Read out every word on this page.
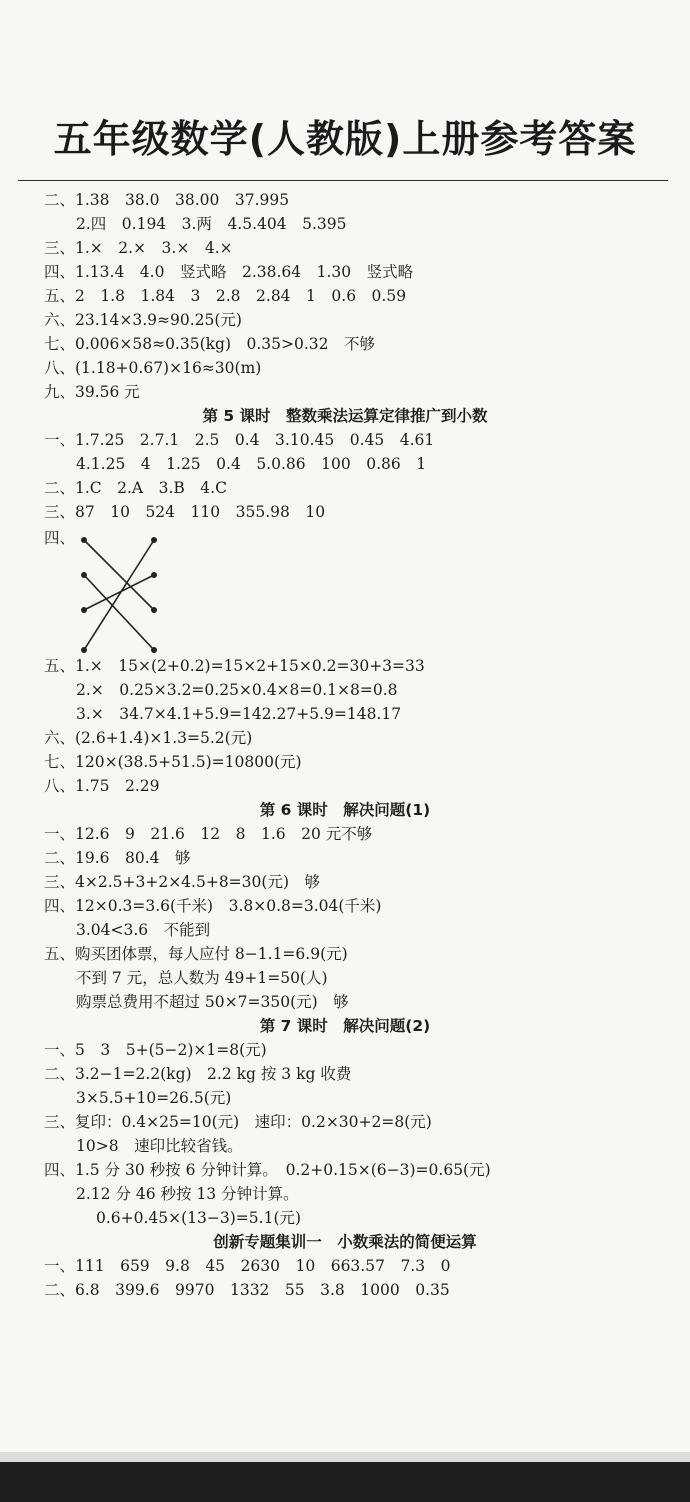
五年级数学(人教版)上册参考答案
二、1.38　38.0　38.00　37.995
2.四　0.194　3.两　4.5.404　5.395
三、1.×　2.×　3.×　4.×
四、1.13.4　4.0　竖式略　2.38.64　1.30　竖式略
五、2　1.8　1.84　3　2.8　2.84　1　0.6　0.59
六、23.14×3.9≈90.25(元)
七、0.006×58≈0.35(kg)　0.35>0.32　不够
八、(1.18+0.67)×16≈30(m)
九、39.56 元
一、1.7.25　2.7.1　2.5　0.4　3.10.45　0.45　4.61
4.1.25　4　1.25　0.4　5.0.86　100　0.86　1
二、1.C　2.A　3.B　4.C
三、87　10　524　110　355.98　10
四、
五、1.×　15×(2+0.2)=15×2+15×0.2=30+3=33
2.×　0.25×3.2=0.25×0.4×8=0.1×8=0.8
3.×　34.7×4.1+5.9=142.27+5.9=148.17
六、(2.6+1.4)×1.3=5.2(元)
七、120×(38.5+51.5)=10800(元)
八、1.75　2.29
一、12.6　9　21.6　12　8　1.6　20 元不够
二、19.6　80.4　够
三、4×2.5+3+2×4.5+8=30(元)　够
四、12×0.3=3.6(千米)　3.8×0.8=3.04(千米)
3.04<3.6　不能到
五、购买团体票，每人应付 8−1.1=6.9(元)
不到 7 元，总人数为 49+1=50(人)
购票总费用不超过 50×7=350(元)　够
一、5　3　5+(5−2)×1=8(元)
二、3.2−1=2.2(kg)　2.2 kg 按 3 kg 收费
3×5.5+10=26.5(元)
三、复印：0.4×25=10(元)　速印：0.2×30+2=8(元)
10>8　速印比较省钱。
四、1.5 分 30 秒按 6 分钟计算。　0.2+0.15×(6−3)=0.65(元)
2.12 分 46 秒按 13 分钟计算。
0.6+0.45×(13−3)=5.1(元)
一、111　659　9.8　45　2630　10　663.57　7.3　0
二、6.8　399.6　9970　1332　55　3.8　1000　0.35
第 5 课时　整数乘法运算定律推广到小数
第 6 课时　解决问题(1)
第 7 课时　解决问题(2)
创新专题集训一　小数乘法的简便运算
